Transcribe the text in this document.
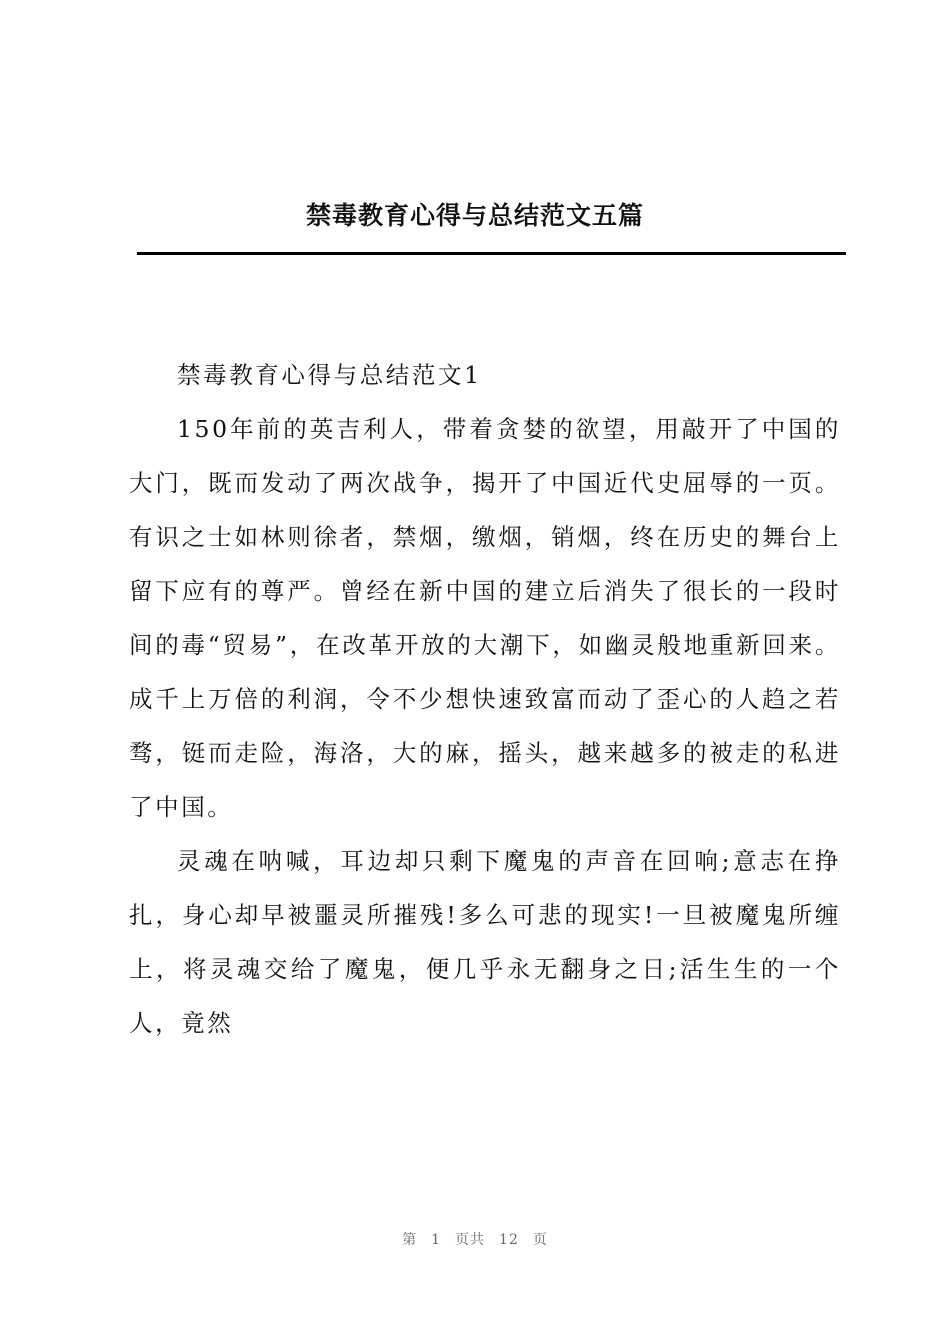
禁毒教育心得与总结范文五篇

禁毒教育心得与总结范文1

150年前的英吉利人，带着贪婪的欲望，用敲开了中国的大门，既而发动了两次战争，揭开了中国近代史屈辱的一页。有识之士如林则徐者，禁烟，缴烟，销烟，终在历史的舞台上留下应有的尊严。曾经在新中国的建立后消失了很长的一段时间的毒“贸易”，在改革开放的大潮下，如幽灵般地重新回来。成千上万倍的利润，令不少想快速致富而动了歪心的人趋之若骛，铤而走险，海洛，大的麻，摇头，越来越多的被走的私进了中国。

灵魂在呐喊，耳边却只剩下魔鬼的声音在回响;意志在挣扎，身心却早被噩灵所摧残!多么可悲的现实!一旦被魔鬼所缠上，将灵魂交给了魔鬼，便几乎永无翻身之日;活生生的一个人，竟然

第 1 页共 12 页
